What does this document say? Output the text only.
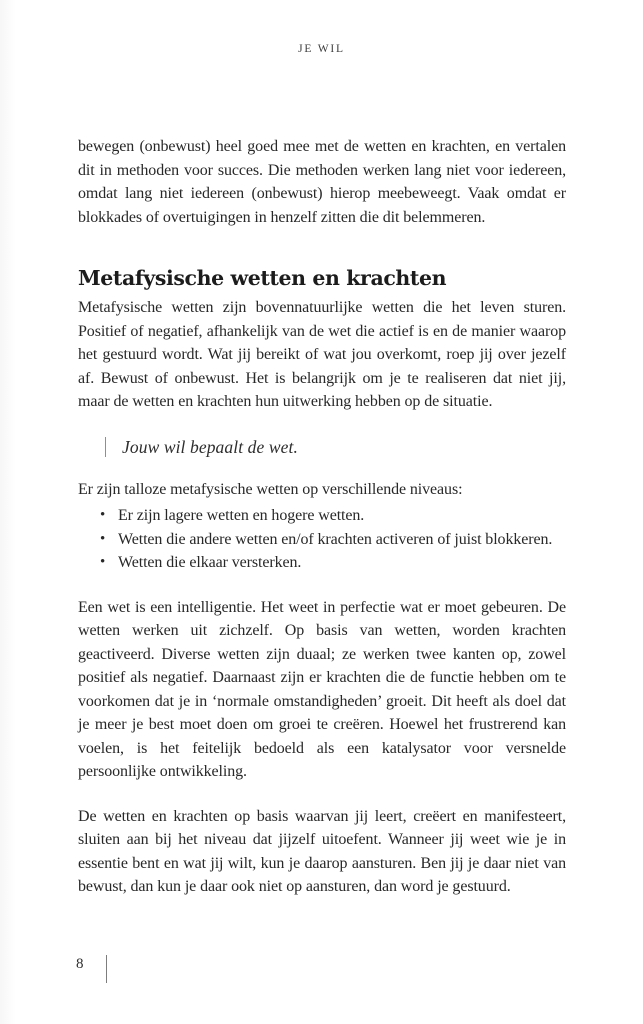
JE WIL

bewegen (onbewust) heel goed mee met de wetten en krachten, en vertalen dit in methoden voor succes. Die methoden werken lang niet voor iedereen, omdat lang niet iedereen (onbewust) hierop meebeweegt. Vaak omdat er blokkades of overtuigingen in henzelf zitten die dit belemmeren.

Metafysische wetten en krachten

Metafysische wetten zijn bovennatuurlijke wetten die het leven sturen. Positief of negatief, afhankelijk van de wet die actief is en de manier waarop het gestuurd wordt. Wat jij bereikt of wat jou overkomt, roep jij over jezelf af. Bewust of onbewust. Het is belangrijk om je te realiseren dat niet jij, maar de wetten en krachten hun uitwerking hebben op de situatie.

Jouw wil bepaalt de wet.

Er zijn talloze metafysische wetten op verschillende niveaus:

• Er zijn lagere wetten en hogere wetten.
• Wetten die andere wetten en/of krachten activeren of juist blokkeren.
• Wetten die elkaar versterken.

Een wet is een intelligentie. Het weet in perfectie wat er moet gebeuren. De wetten werken uit zichzelf. Op basis van wetten, worden krachten geactiveerd. Diverse wetten zijn duaal; ze werken twee kanten op, zowel positief als negatief. Daarnaast zijn er krachten die de functie hebben om te voorkomen dat je in ‘normale omstandigheden’ groeit. Dit heeft als doel dat je meer je best moet doen om groei te creëren. Hoewel het frustrerend kan voelen, is het feitelijk bedoeld als een katalysator voor versnelde persoonlijke ontwikkeling.

De wetten en krachten op basis waarvan jij leert, creëert en manifesteert, sluiten aan bij het niveau dat jijzelf uitoefent. Wanneer jij weet wie je in essentie bent en wat jij wilt, kun je daarop aansturen. Ben jij je daar niet van bewust, dan kun je daar ook niet op aansturen, dan word je gestuurd.

8
